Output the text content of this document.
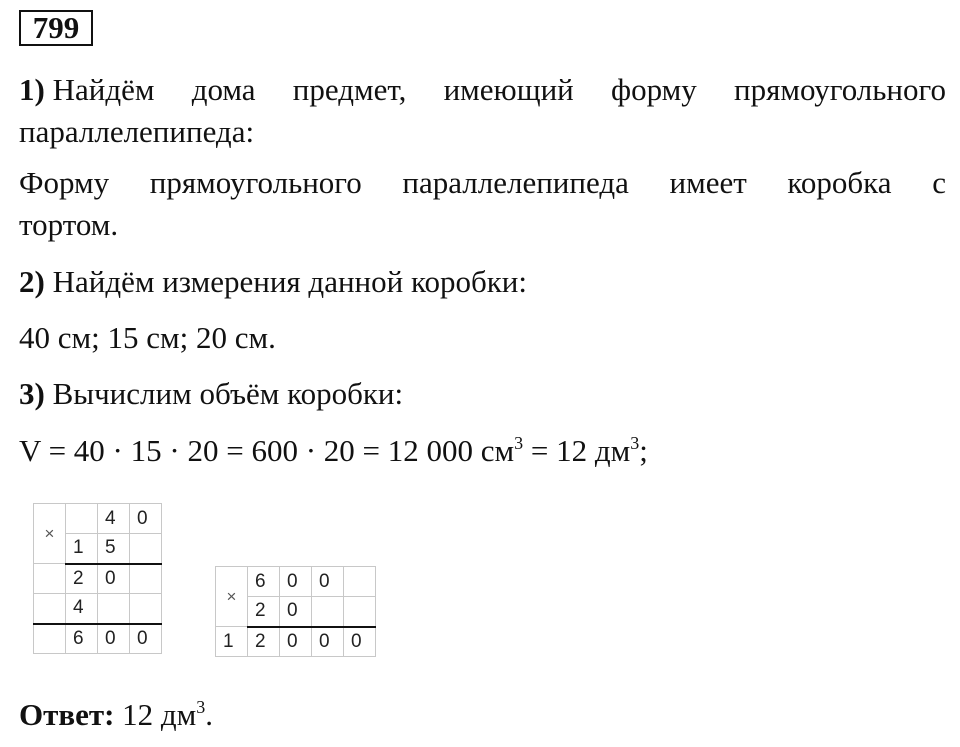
799
1) Найдём дома предмет, имеющий форму прямоугольного
параллелепипеда:
Форму прямоугольного параллелепипеда имеет коробка с
тортом.
2) Найдём измерения данной коробки:
40 см; 15 см; 20 см.
3) Вычислим объём коробки:
V = 40 · 15 · 20 = 600 · 20 = 12 000 $см^3 = 12$ $дм^3$;
×		4	0
	1	5	
	2	0	
	4		
	6	0	0
×	6	0	0	
	2	0		
1	2	0	0	0
Ответ: 12 $дм^3$.
